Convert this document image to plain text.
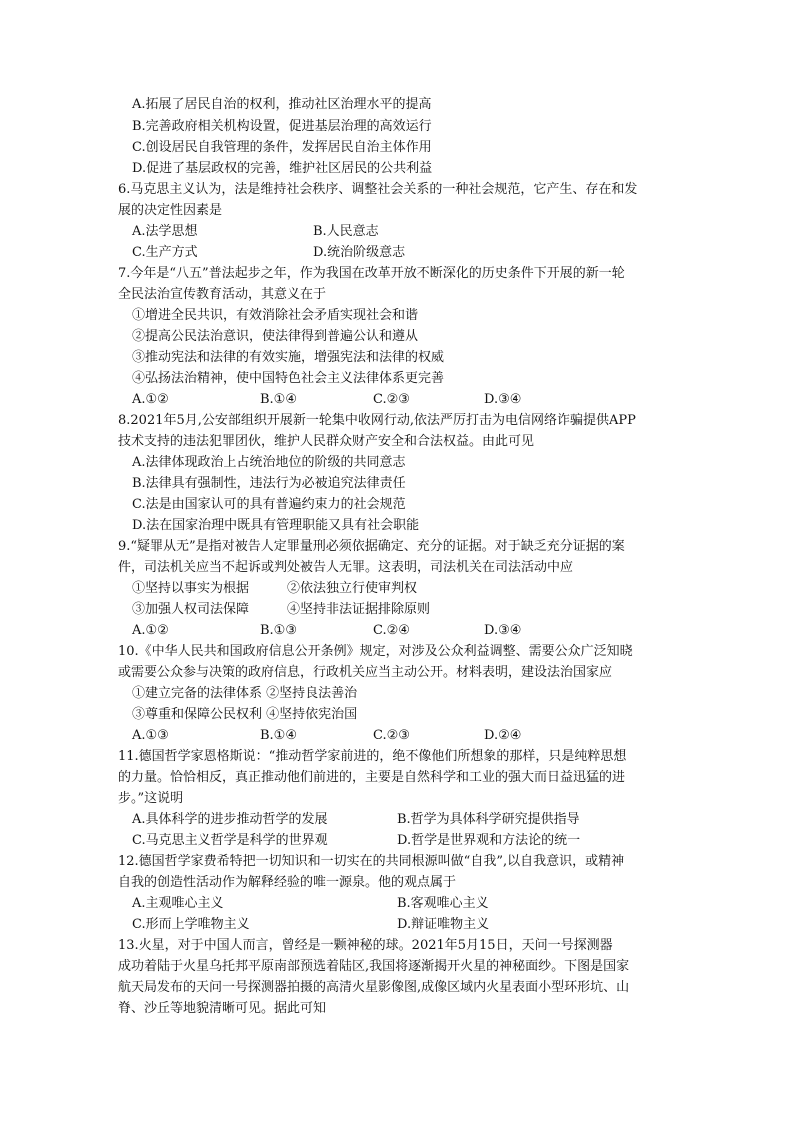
A.拓展了居民自治的权利，推动社区治理水平的提高
B.完善政府相关机构设置，促进基层治理的高效运行
C.创设居民自我管理的条件，发挥居民自治主体作用
D.促进了基层政权的完善，维护社区居民的公共利益
6.马克思主义认为，法是维持社会秩序、调整社会关系的一种社会规范，它产生、存在和发
展的决定性因素是
A.法学思想	B.人民意志
C.生产方式	D.统治阶级意志
7.今年是“八五”普法起步之年，作为我国在改革开放不断深化的历史条件下开展的新一轮
全民法治宣传教育活动，其意义在于
①增进全民共识，有效消除社会矛盾实现社会和谐
②提高公民法治意识，使法律得到普遍公认和遵从
③推动宪法和法律的有效实施，增强宪法和法律的权威
④弘扬法治精神，使中国特色社会主义法律体系更完善
A.①②	B.①④	C.②③	D.③④
8.2021年5月,公安部组织开展新一轮集中收网行动,依法严厉打击为电信网络诈骗提供APP
技术支持的违法犯罪团伙，维护人民群众财产安全和合法权益。由此可见
A.法律体现政治上占统治地位的阶级的共同意志
B.法律具有强制性，违法行为必被追究法律责任
C.法是由国家认可的具有普遍约束力的社会规范
D.法在国家治理中既具有管理职能又具有社会职能
9.“疑罪从无”是指对被告人定罪量刑必须依据确定、充分的证据。对于缺乏充分证据的案
件，司法机关应当不起诉或判处被告人无罪。这表明，司法机关在司法活动中应
①坚持以事实为根据	②依法独立行使审判权
③加强人权司法保障	④坚持非法证据排除原则
A.①②	B.①③	C.②④	D.③④
10.《中华人民共和国政府信息公开条例》规定，对涉及公众利益调整、需要公众广泛知晓
或需要公众参与决策的政府信息，行政机关应当主动公开。材料表明，建设法治国家应
①建立完备的法律体系 ②坚持良法善治
③尊重和保障公民权利 ④坚持依宪治国
A.①③	B.①④	C.②③	D.②④
11.德国哲学家恩格斯说：“推动哲学家前进的，绝不像他们所想象的那样，只是纯粹思想
的力量。恰恰相反，真正推动他们前进的，主要是自然科学和工业的强大而日益迅猛的进
步。”这说明
A.具体科学的进步推动哲学的发展	B.哲学为具体科学研究提供指导
C.马克思主义哲学是科学的世界观	D.哲学是世界观和方法论的统一
12.德国哲学家费希特把一切知识和一切实在的共同根源叫做“自我”,以自我意识，或精神
自我的创造性活动作为解释经验的唯一源泉。他的观点属于
A.主观唯心主义	B.客观唯心主义
C.形而上学唯物主义	D.辩证唯物主义
13.火星，对于中国人而言，曾经是一颗神秘的球。2021年5月15日，天问一号探测器
成功着陆于火星乌托邦平原南部预选着陆区,我国将逐渐揭开火星的神秘面纱。下图是国家
航天局发布的天问一号探测器拍摄的高清火星影像图,成像区域内火星表面小型环形坑、山
脊、沙丘等地貌清晰可见。据此可知
